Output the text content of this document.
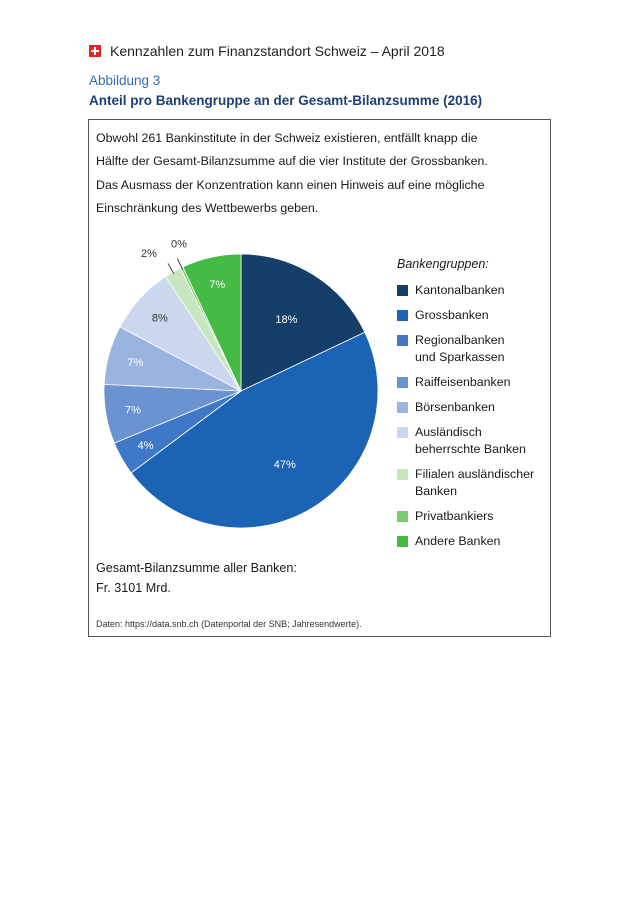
Kennzahlen zum Finanzstandort Schweiz – April 2018
Abbildung 3
Anteil pro Bankengruppe an der Gesamt-Bilanzsumme (2016)
Obwohl 261 Bankinstitute in der Schweiz existieren, entfällt knapp die
Hälfte der Gesamt-Bilanzsumme auf die vier Institute der Grossbanken.
Das Ausmass der Konzentration kann einen Hinweis auf eine mögliche
Einschränkung des Wettbewerbs geben.
18%
47%
4%
7%
7%
8%
2%
0%
7%
Bankengruppen:
Kantonalbanken
Grossbanken
Regionalbanken
und Sparkassen
Raiffeisenbanken
Börsenbanken
Ausländisch
beherrschte Banken
Filialen ausländischer
Banken
Privatbankiers
Andere Banken
Gesamt-Bilanzsumme aller Banken:
Fr. 3101 Mrd.
Daten: https://data.snb.ch (Datenportal der SNB; Jahresendwerte).
